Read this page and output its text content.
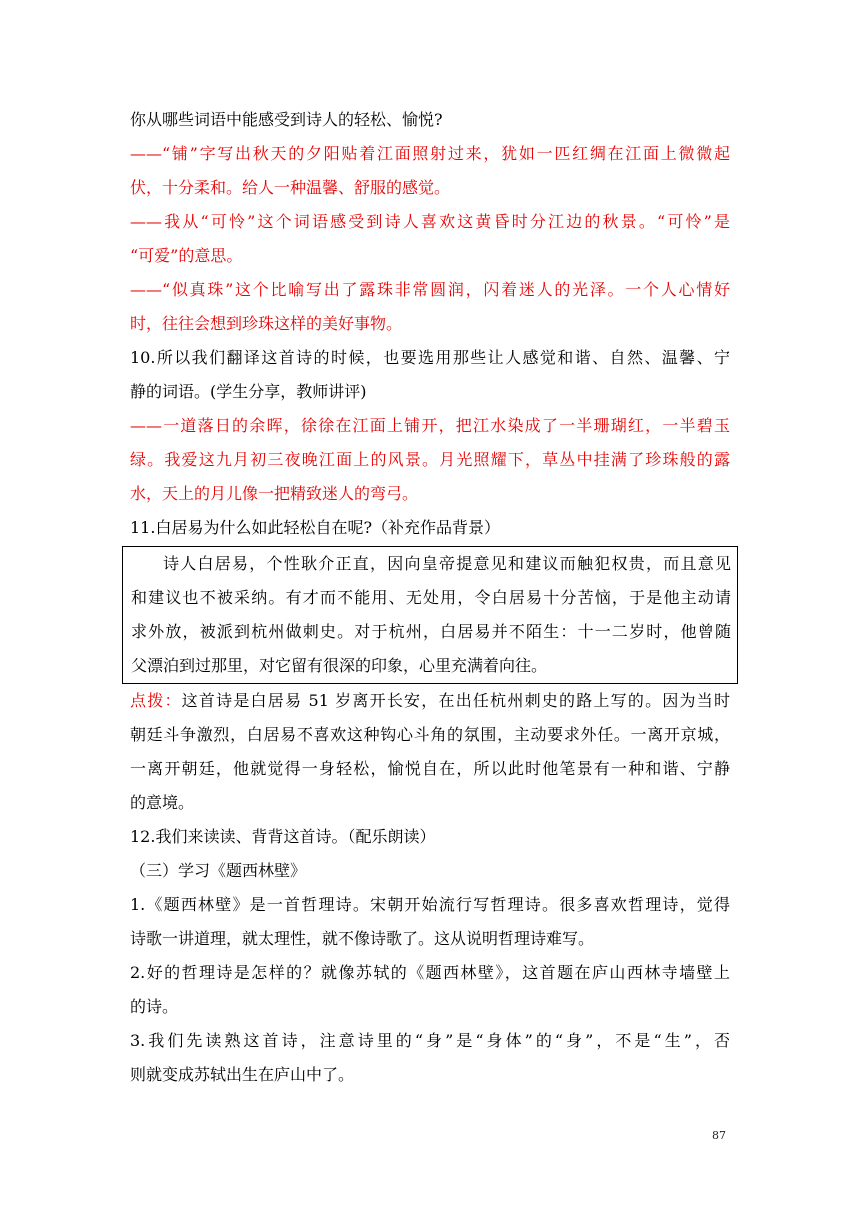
你从哪些词语中能感受到诗人的轻松、愉悦?
——“铺”字写出秋天的夕阳贴着江面照射过来，犹如一匹红绸在江面上微微起
伏，十分柔和。给人一种温馨、舒服的感觉。
——我从“可怜”这个词语感受到诗人喜欢这黄昏时分江边的秋景。“可怜”是
“可爱”的意思。
——“似真珠”这个比喻写出了露珠非常圆润，闪着迷人的光泽。一个人心情好
时，往往会想到珍珠这样的美好事物。
10.所以我们翻译这首诗的时候，也要选用那些让人感觉和谐、自然、温馨、宁
静的词语。(学生分享，教师讲评)
——一道落日的余晖，徐徐在江面上铺开，把江水染成了一半珊瑚红，一半碧玉
绿。我爱这九月初三夜晚江面上的风景。月光照耀下，草丛中挂满了珍珠般的露
水，天上的月儿像一把精致迷人的弯弓。
11.白居易为什么如此轻松自在呢?（补充作品背景）
诗人白居易，个性耿介正直，因向皇帝提意见和建议而触犯权贵，而且意见
和建议也不被采纳。有才而不能用、无处用，令白居易十分苦恼，于是他主动请
求外放，被派到杭州做刺史。对于杭州，白居易并不陌生：十一二岁时，他曾随
父漂泊到过那里，对它留有很深的印象，心里充满着向往。
点拨：这首诗是白居易 51 岁离开长安，在出任杭州刺史的路上写的。因为当时
朝廷斗争激烈，白居易不喜欢这种钩心斗角的氛围，主动要求外任。一离开京城，
一离开朝廷，他就觉得一身轻松，愉悦自在，所以此时他笔景有一种和谐、宁静
的意境。
12.我们来读读、背背这首诗。（配乐朗读）
（三）学习《题西林壁》
1.《题西林壁》是一首哲理诗。宋朝开始流行写哲理诗。很多喜欢哲理诗，觉得
诗歌一讲道理，就太理性，就不像诗歌了。这从说明哲理诗难写。
2.好的哲理诗是怎样的？就像苏轼的《题西林壁》，这首题在庐山西林寺墙壁上
的诗。
3.我们先读熟这首诗，注意诗里的“身”是“身体”的“身”，不是“生”，否
则就变成苏轼出生在庐山中了。
87
